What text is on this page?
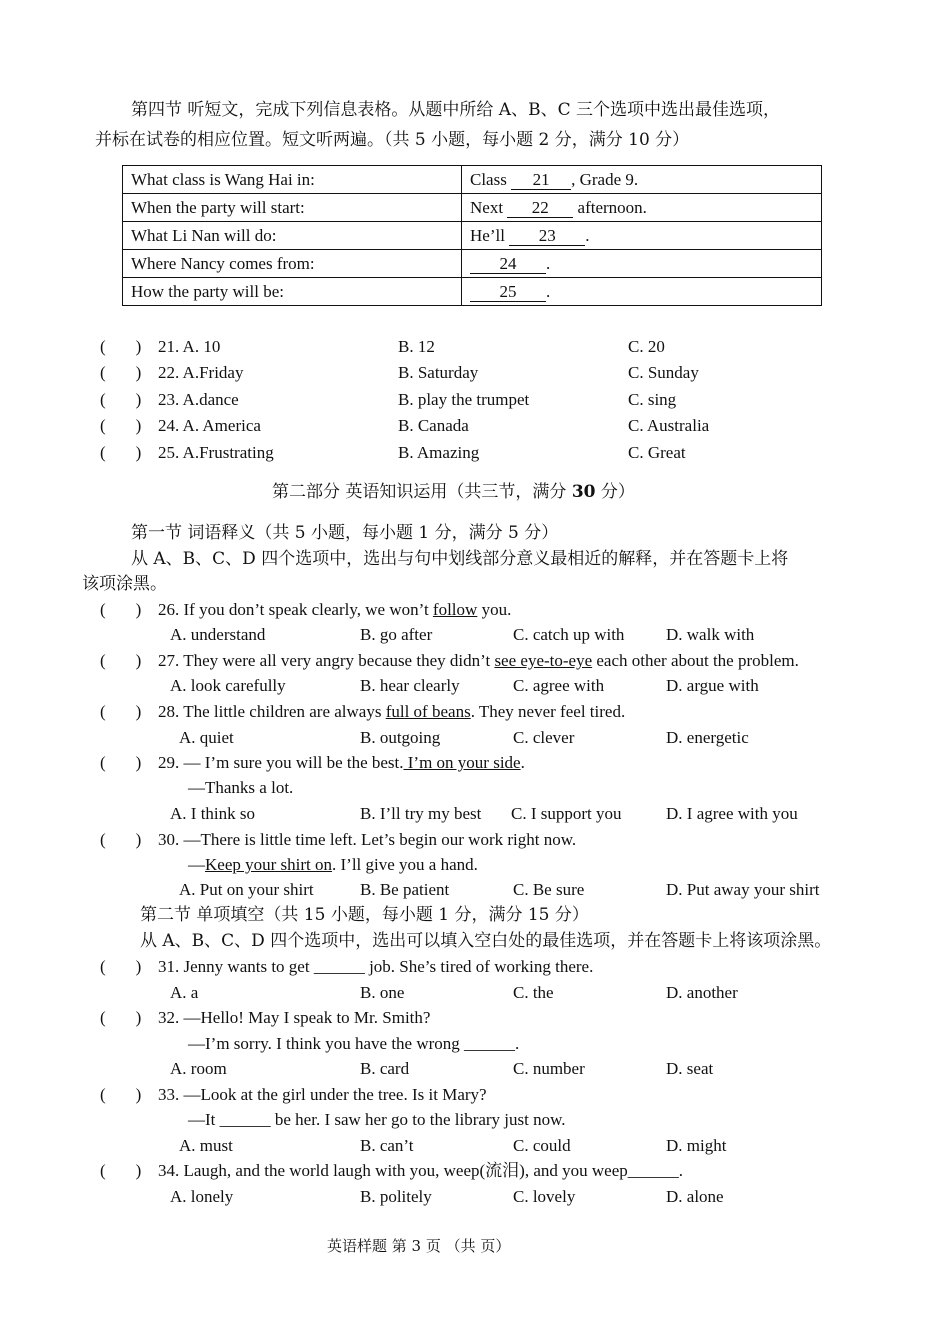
第四节 听短文，完成下列信息表格。从题中所给 A、B、C 三个选项中选出最佳选项，
并标在试卷的相应位置。短文听两遍。（共 5 小题，每小题 2 分，满分 10 分）
What class is Wang Hai in:	Class 21 , Grade 9.
When the party will start:	Next 22 afternoon.
What Li Nan will do:	He’ll 23 .
Where Nancy comes from:	24 .
How the party will be:	25 .
( ) 21. A. 10	B. 12	C. 20
( ) 22. A.Friday	B. Saturday	C. Sunday
( ) 23. A.dance	B. play the trumpet	C. sing
( ) 24. A. America	B. Canada	C. Australia
( ) 25. A.Frustrating	B. Amazing	C. Great
第二部分 英语知识运用（共三节，满分 30 分）
第一节 词语释义（共 5 小题，每小题 1 分，满分 5 分）
从 A、B、C、D 四个选项中，选出与句中划线部分意义最相近的解释，并在答题卡上将
该项涂黑。
( ) 26. If you don’t speak clearly, we won’t follow you.
A. understand	B. go after	C. catch up with D. walk with
( ) 27. They were all very angry because they didn’t see eye-to-eye each other about the problem.
A. look carefully	B. hear clearly	C. agree with	D. argue with
( ) 28. The little children are always full of beans. They never feel tired.
A. quiet	B. outgoing	C. clever	D. energetic
( ) 29. — I’m sure you will be the best. I’m on your side.
—Thanks a lot.
A. I think so	B. I’ll try my best C. I support you	D. I agree with you
( ) 30. —There is little time left. Let’s begin our work right now.
—Keep your shirt on. I’ll give you a hand.
A. Put on your shirt	B. Be patient	C. Be sure	D. Put away your shirt
第二节 单项填空（共 15 小题，每小题 1 分，满分 15 分）
从 A、B、C、D 四个选项中，选出可以填入空白处的最佳选项，并在答题卡上将该项涂黑。
( ) 31. Jenny wants to get ______ job. She’s tired of working there.
A. a	B. one	C. the	D. another
( ) 32. —Hello! May I speak to Mr. Smith?
—I’m sorry. I think you have the wrong ______.
A. room	B. card	C. number	D. seat
( ) 33. —Look at the girl under the tree. Is it Mary?
—It ______ be her. I saw her go to the library just now.
A. must	B. can’t	C. could	D. might
( ) 34. Laugh, and the world laugh with you, weep(流泪), and you weep______.
A. lonely	B. politely	C. lovely	D. alone
英语样题 第 3 页 （共 页）
